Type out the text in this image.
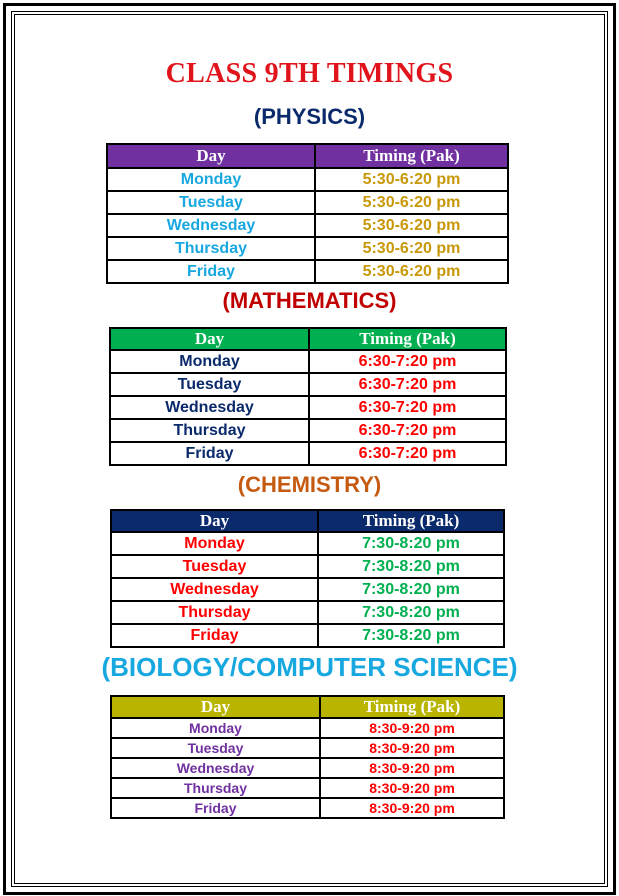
CLASS 9TH TIMINGS
(PHYSICS)
Day	Timing (Pak)
Monday	5:30-6:20 pm
Tuesday	5:30-6:20 pm
Wednesday	5:30-6:20 pm
Thursday	5:30-6:20 pm
Friday	5:30-6:20 pm
(MATHEMATICS)
Day	Timing (Pak)
Monday	6:30-7:20 pm
Tuesday	6:30-7:20 pm
Wednesday	6:30-7:20 pm
Thursday	6:30-7:20 pm
Friday	6:30-7:20 pm
(CHEMISTRY)
Day	Timing (Pak)
Monday	7:30-8:20 pm
Tuesday	7:30-8:20 pm
Wednesday	7:30-8:20 pm
Thursday	7:30-8:20 pm
Friday	7:30-8:20 pm
(BIOLOGY/COMPUTER SCIENCE)
Day	Timing (Pak)
Monday	8:30-9:20 pm
Tuesday	8:30-9:20 pm
Wednesday	8:30-9:20 pm
Thursday	8:30-9:20 pm
Friday	8:30-9:20 pm
